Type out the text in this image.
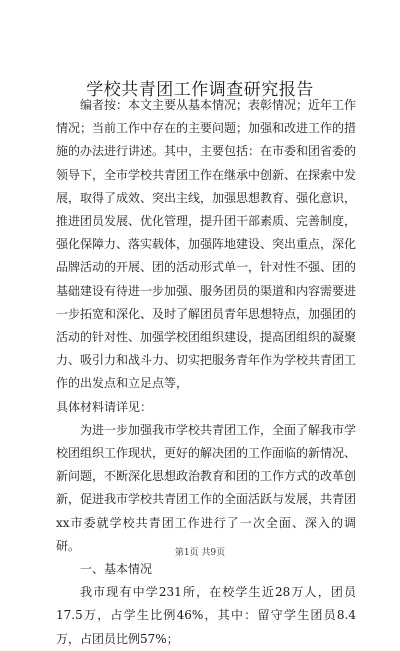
学校共青团工作调查研究报告

编者按：本文主要从基本情况；表彰情况；近年工作情况；当前工作中存在的主要问题；加强和改进工作的措施的办法进行讲述。其中，主要包括：在市委和团省委的领导下，全市学校共青团工作在继承中创新、在探索中发展，取得了成效、突出主线，加强思想教育、强化意识，推进团员发展、优化管理，提升团干部素质、完善制度，强化保障力、落实载体，加强阵地建设、突出重点，深化品牌活动的开展、团的活动形式单一，针对性不强、团的基础建设有待进一步加强、服务团员的渠道和内容需要进一步拓宽和深化、及时了解团员青年思想特点，加强团的活动的针对性、加强学校团组织建设，提高团组织的凝聚力、吸引力和战斗力、切实把服务青年作为学校共青团工作的出发点和立足点等，

具体材料请详见：

为进一步加强我市学校共青团工作，全面了解我市学校团组织工作现状，更好的解决团的工作面临的新情况、新问题，不断深化思想政治教育和团的工作方式的改革创新，促进我市学校共青团工作的全面活跃与发展，共青团xx市委就学校共青团工作进行了一次全面、深入的调研。

一、基本情况

我市现有中学231所，在校学生近28万人，团员17.5万，占学生比例46%，其中：留守学生团员8.4万，占团员比例57%；

第1页 共9页
